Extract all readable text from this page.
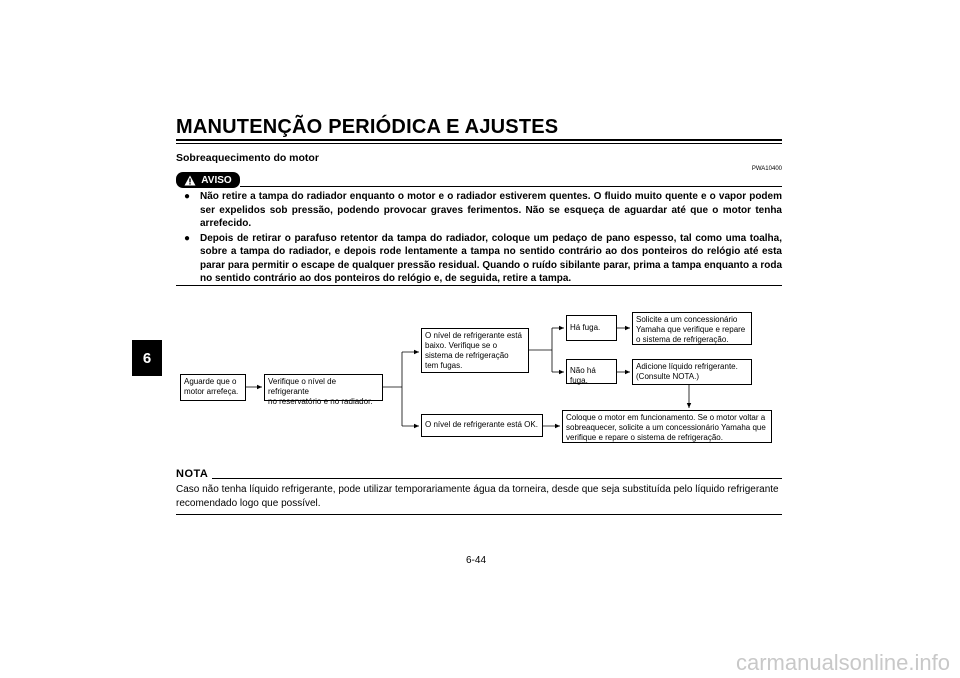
MANUTENÇÃO PERIÓDICA E AJUSTES
6
Sobreaquecimento do motor
PWA10400
AVISO
● Não retire a tampa do radiador enquanto o motor e o radiador estiverem quentes. O fluido muito quente e o vapor podem ser expelidos sob pressão, podendo provocar graves ferimentos. Não se esqueça de aguardar até que o motor tenha arrefecido.
● Depois de retirar o parafuso retentor da tampa do radiador, coloque um pedaço de pano espesso, tal como uma toalha, sobre a tampa do radiador, e depois rode lentamente a tampa no sentido contrário ao dos ponteiros do relógio até esta parar para permitir o escape de qualquer pressão residual. Quando o ruído sibilante parar, prima a tampa enquanto a roda no sentido contrário ao dos ponteiros do relógio e, de seguida, retire a tampa.
Aguarde que o
motor arrefeça.
Verifique o nível de refrigerante
no reservatório e no radiador.
O nível de refrigerante está
baixo. Verifique se o
sistema de refrigeração
tem fugas.
O nível de refrigerante está OK.
Há fuga.
Não há fuga.
Solicite a um concessionário
Yamaha que verifique e repare
o sistema de refrigeração.
Adicione líquido refrigerante.
(Consulte NOTA.)
Coloque o motor em funcionamento. Se o motor voltar a
sobreaquecer, solicite a um concessionário Yamaha que
verifique e repare o sistema de refrigeração.
NOTA

Caso não tenha líquido refrigerante, pode utilizar temporariamente água da torneira, desde que seja substituída pelo líquido refrigerante recomendado logo que possível.

6-44
carmanualsonline.info
